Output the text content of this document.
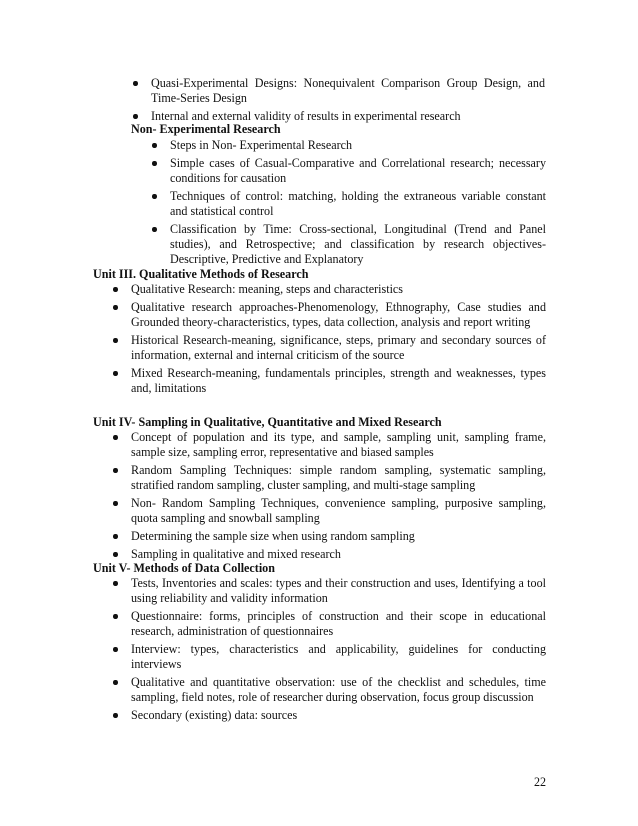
Quasi-Experimental Designs: Nonequivalent Comparison Group Design, and Time-Series Design
Internal and external validity of results in experimental research
Non- Experimental Research
Steps in Non- Experimental Research
Simple cases of Casual-Comparative and Correlational research; necessary conditions for causation
Techniques of control: matching, holding the extraneous variable constant and statistical control
Classification by Time: Cross-sectional, Longitudinal (Trend and Panel studies), and Retrospective; and classification by research objectives- Descriptive, Predictive and Explanatory
Unit III. Qualitative Methods of Research
Qualitative Research: meaning, steps and characteristics
Qualitative research approaches-Phenomenology, Ethnography, Case studies and Grounded theory-characteristics, types, data collection, analysis and report writing
Historical Research-meaning, significance, steps, primary and secondary sources of information, external and internal criticism of the source
Mixed Research-meaning, fundamentals principles, strength and weaknesses, types and, limitations
Unit IV- Sampling in Qualitative, Quantitative and Mixed Research
Concept of population and its type, and sample, sampling unit, sampling frame, sample size, sampling error, representative and biased samples
Random Sampling Techniques: simple random sampling, systematic sampling, stratified random sampling, cluster sampling, and multi-stage sampling
Non- Random Sampling Techniques, convenience sampling, purposive sampling, quota sampling and snowball sampling
Determining the sample size when using random sampling
Sampling in qualitative and mixed research
Unit V- Methods of Data Collection
Tests, Inventories and scales: types and their construction and uses, Identifying a tool using reliability and validity information
Questionnaire: forms, principles of construction and their scope in educational research, administration of questionnaires
Interview: types, characteristics and applicability, guidelines for conducting interviews
Qualitative and quantitative observation: use of the checklist and schedules, time sampling, field notes, role of researcher during observation, focus group discussion
Secondary (existing) data: sources
22
